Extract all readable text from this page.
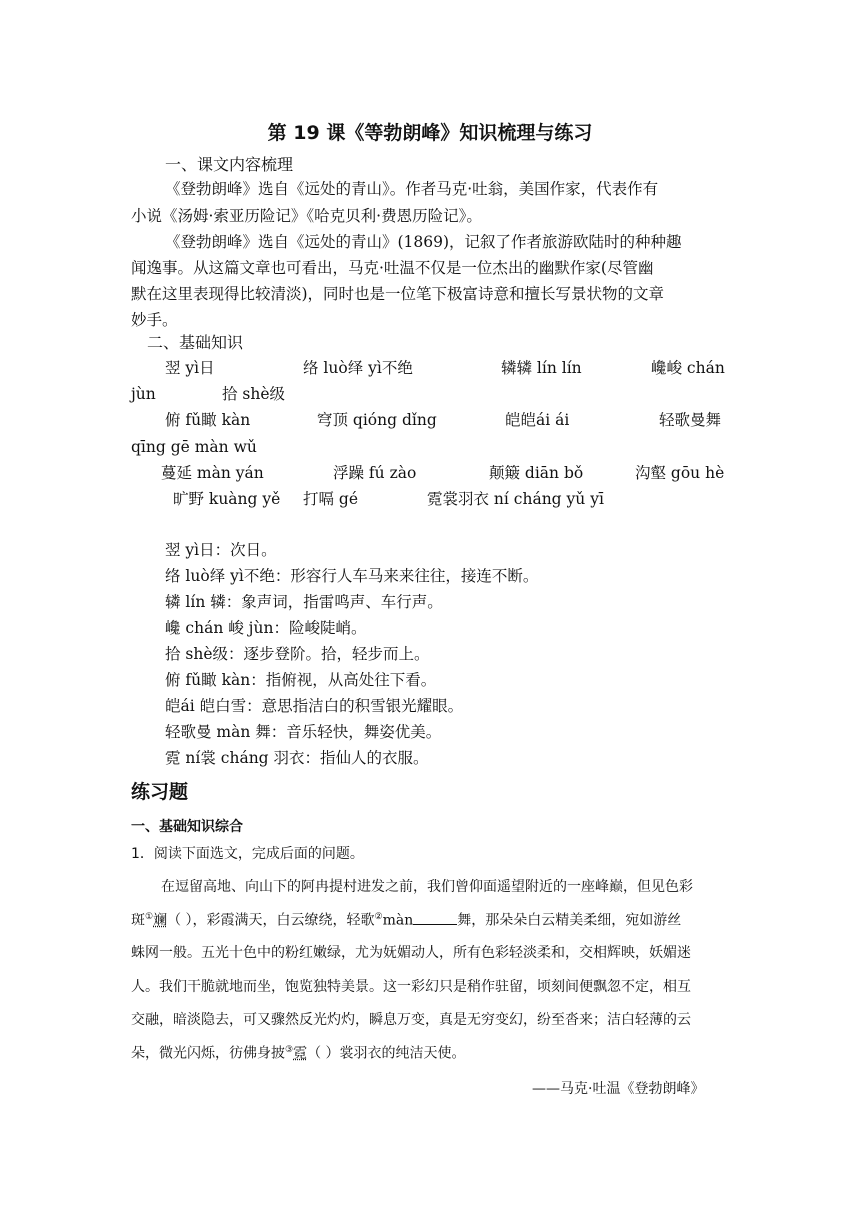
第 19 课《等勃朗峰》知识梳理与练习
一、课文内容梳理
《登勃朗峰》选自《远处的青山》。作者马克·吐翁，美国作家，代表作有
小说《汤姆·索亚历险记》《哈克贝利·费恩历险记》。
《登勃朗峰》选自《远处的青山》(1869)，记叙了作者旅游欧陆时的种种趣
闻逸事。从这篇文章也可看出，马克·吐温不仅是一位杰出的幽默作家(尽管幽
默在这里表现得比较清淡)，同时也是一位笔下极富诗意和擅长写景状物的文章
妙手。
二、基础知识
翌 yì日	络 luò绎 yì不绝	辚辚 lín lín	巉峻 chán
jùn	拾 shè级
俯 fǔ瞰 kàn	穹顶 qióng dǐng	皑皑ái ái	轻歌曼舞
qīng gē màn wǔ
蔓延 màn yán	浮躁 fú zào	颠簸 diān bǒ	沟壑 gōu hè
旷野 kuàng yě 打嗝 gé	霓裳羽衣 ní cháng yǔ yī
翌 yì日：次日。
络 luò绎 yì不绝：形容行人车马来来往往，接连不断。
辚 lín 辚：象声词，指雷鸣声、车行声。
巉 chán 峻 jùn：险峻陡峭。
拾 shè级：逐步登阶。拾，轻步而上。
俯 fǔ瞰 kàn：指俯视，从高处往下看。
皑ái 皑白雪：意思指洁白的积雪银光耀眼。
轻歌曼 màn 舞：音乐轻快，舞姿优美。
霓 ní裳 cháng 羽衣：指仙人的衣服。
练习题
一、基础知识综合
1．阅读下面选文，完成后面的问题。
在逗留高地、向山下的阿冉提村进发之前，我们曾仰面遥望附近的一座峰巅，但见色彩
斑①斓（ ），彩霞满天，白云缭绕，轻歌②màn	舞，那朵朵白云精美柔细，宛如游丝
蛛网一般。五光十色中的粉红嫩绿，尤为妩媚动人，所有色彩轻淡柔和，交相辉映，妖媚迷
人。我们干脆就地而坐，饱览独特美景。这一彩幻只是稍作驻留，顷刻间便飘忽不定，相互
交融，暗淡隐去，可又骤然反光灼灼，瞬息万变，真是无穷变幻，纷至沓来；洁白轻薄的云
朵，微光闪烁，彷佛身披③霓（ ）裳羽衣的纯洁天使。
——马克·吐温《登勃朗峰》
